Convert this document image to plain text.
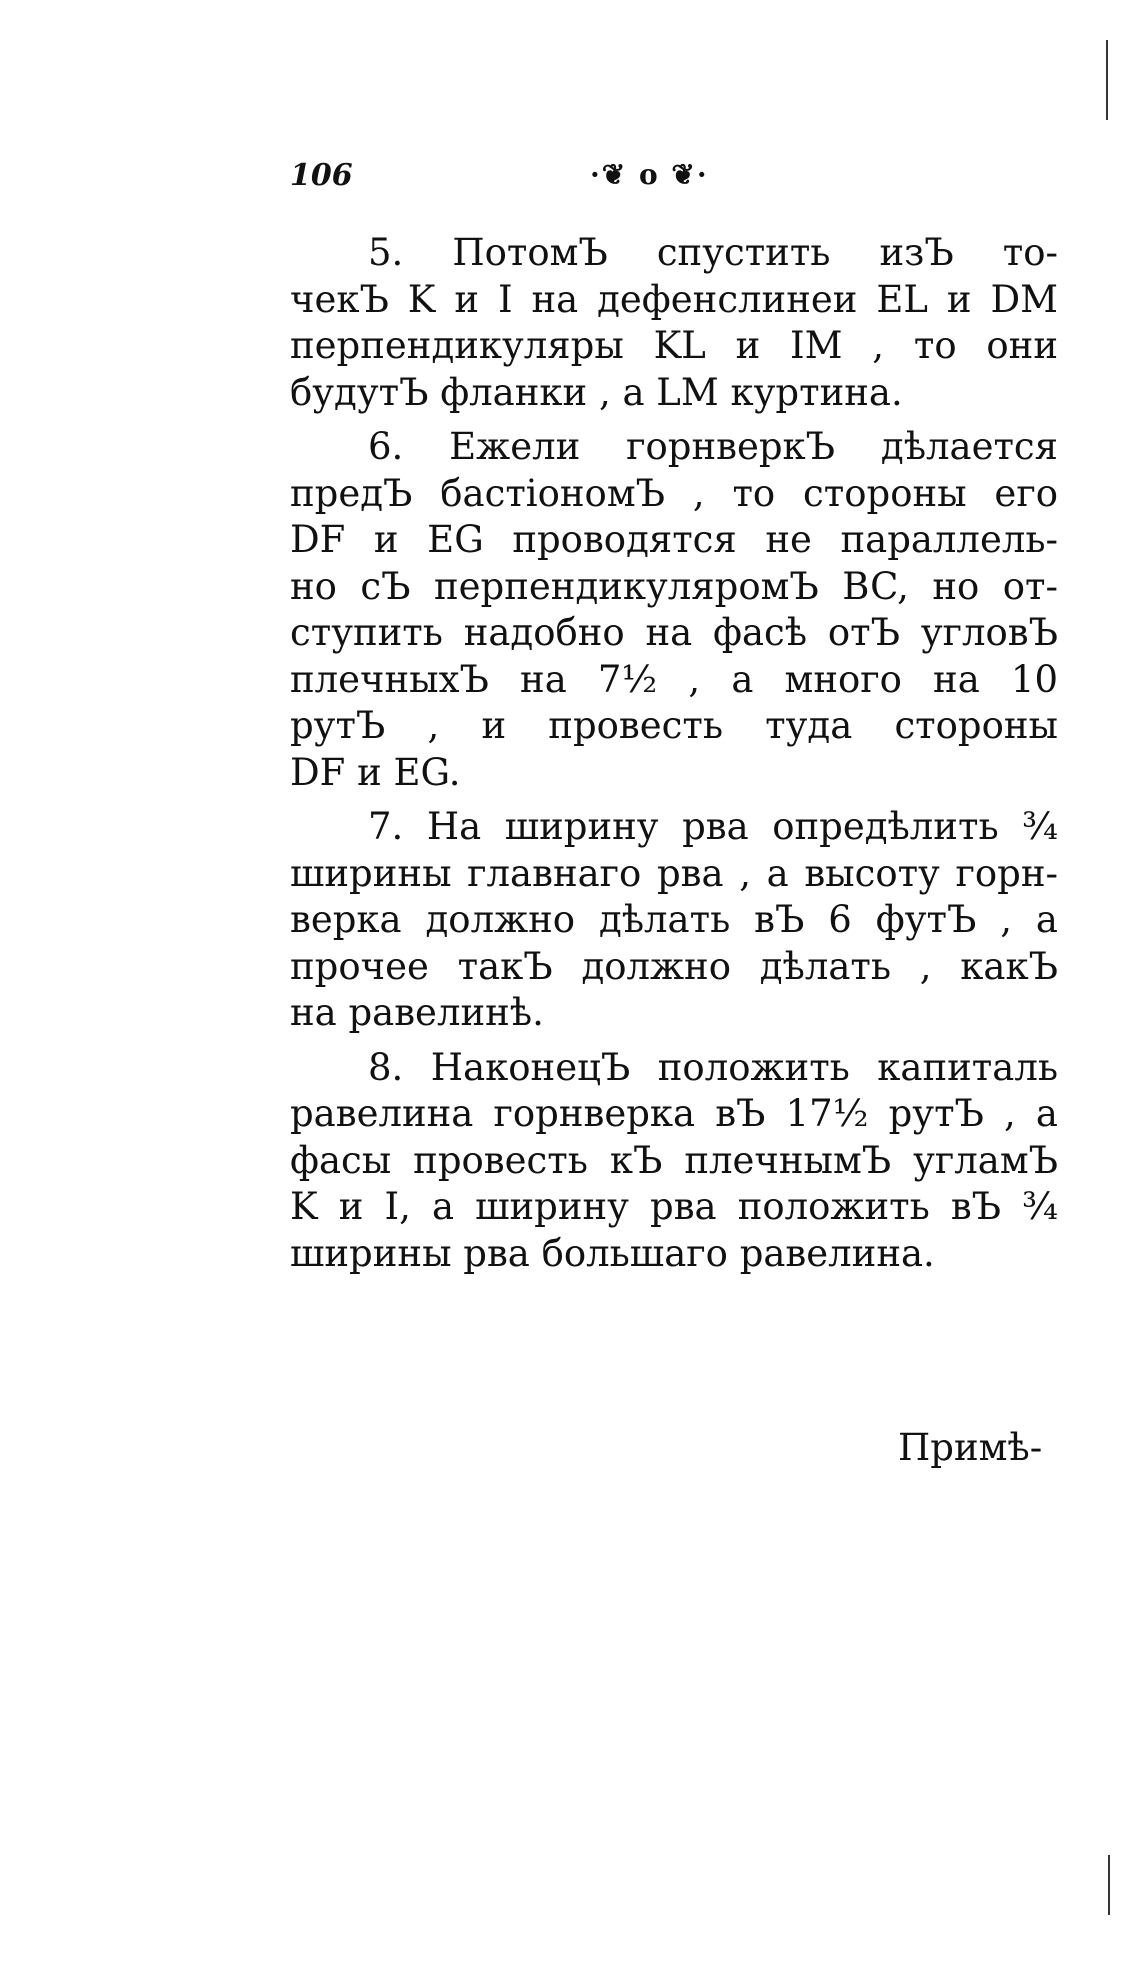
106	·❦ o ❦·
5. ПотомЪ спустить изЪ то-
чекЪ K и I на дефенслинеи EL и DM
перпендикуляры KL и IM , то они
будутЪ фланки , а LM куртина.
6. Ежели горнверкЪ дѣлается
предЪ бастіономЪ , то стороны его
DF и EG проводятся не параллель-
но сЪ перпендикуляромЪ BC, но от-
ступить надобно на фасѣ отЪ угловЪ
плечныхЪ на 7½ , а много на 10
рутЪ , и провесть туда стороны
DF и EG.
7. На ширину рва опредѣлить ¾
ширины главнаго рва , а высоту горн-
верка должно дѣлать вЪ 6 футЪ , а
прочее такЪ должно дѣлать , какЪ
на равелинѣ.
8. НаконецЪ положить капиталь
равелина горнверка вЪ 17½ рутЪ , а
фасы провесть кЪ плечнымЪ угламЪ
K и I, а ширину рва положить вЪ ¾
ширины рва большаго равелина.
Примѣ-
